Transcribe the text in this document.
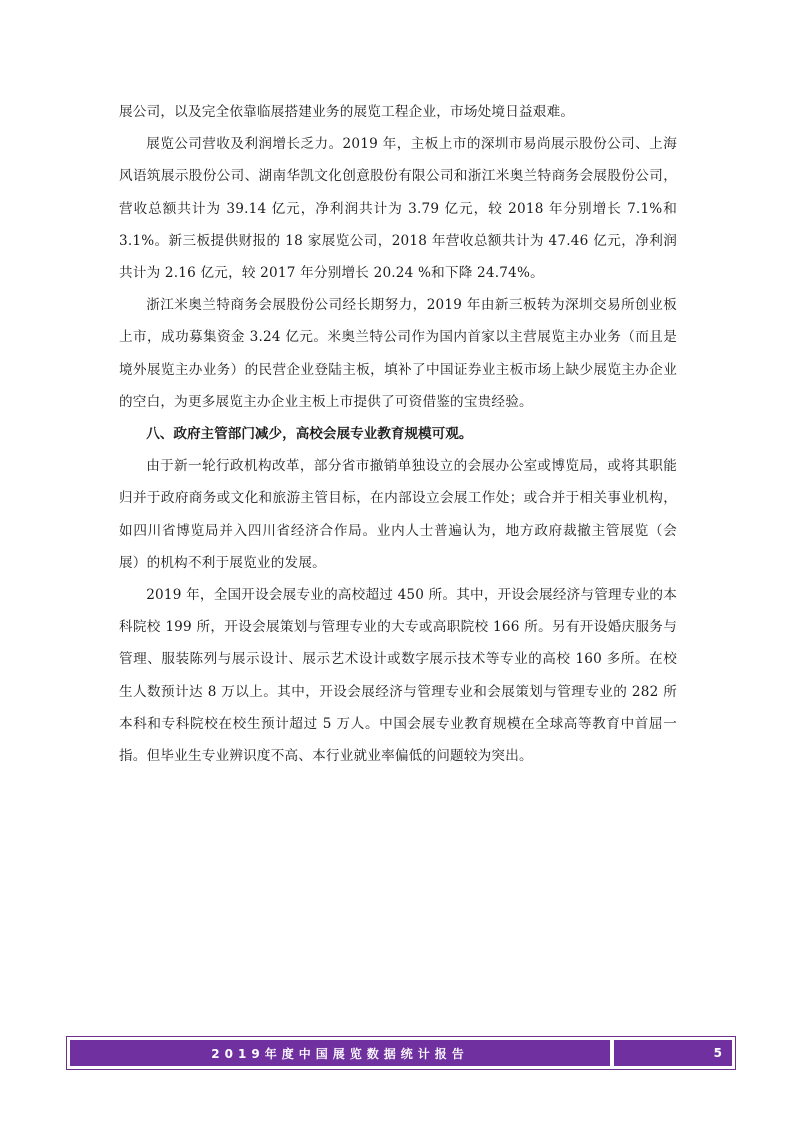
展公司，以及完全依靠临展搭建业务的展览工程企业，市场处境日益艰难。

展览公司营收及利润增长乏力。2019 年，主板上市的深圳市易尚展示股份公司、上海风语筑展示股份公司、湖南华凯文化创意股份有限公司和浙江米奥兰特商务会展股份公司，营收总额共计为 39.14 亿元，净利润共计为 3.79 亿元，较 2018 年分别增长 7.1%和 3.1%。新三板提供财报的 18 家展览公司，2018 年营收总额共计为 47.46 亿元，净利润共计为 2.16 亿元，较 2017 年分别增长 20.24 %和下降 24.74%。

浙江米奥兰特商务会展股份公司经长期努力，2019 年由新三板转为深圳交易所创业板上市，成功募集资金 3.24 亿元。米奥兰特公司作为国内首家以主营展览主办业务（而且是境外展览主办业务）的民营企业登陆主板，填补了中国证券业主板市场上缺少展览主办企业的空白，为更多展览主办企业主板上市提供了可资借鉴的宝贵经验。

八、政府主管部门减少，高校会展专业教育规模可观。

由于新一轮行政机构改革，部分省市撤销单独设立的会展办公室或博览局，或将其职能归并于政府商务或文化和旅游主管目标，在内部设立会展工作处；或合并于相关事业机构，如四川省博览局并入四川省经济合作局。业内人士普遍认为，地方政府裁撤主管展览（会展）的机构不利于展览业的发展。

2019 年，全国开设会展专业的高校超过 450 所。其中，开设会展经济与管理专业的本科院校 199 所，开设会展策划与管理专业的大专或高职院校 166 所。另有开设婚庆服务与管理、服装陈列与展示设计、展示艺术设计或数字展示技术等专业的高校 160 多所。在校生人数预计达 8 万以上。其中，开设会展经济与管理专业和会展策划与管理专业的 282 所本科和专科院校在校生预计超过 5 万人。中国会展专业教育规模在全球高等教育中首屈一指。但毕业生专业辨识度不高、本行业就业率偏低的问题较为突出。

2019年度中国展览数据统计报告	5
